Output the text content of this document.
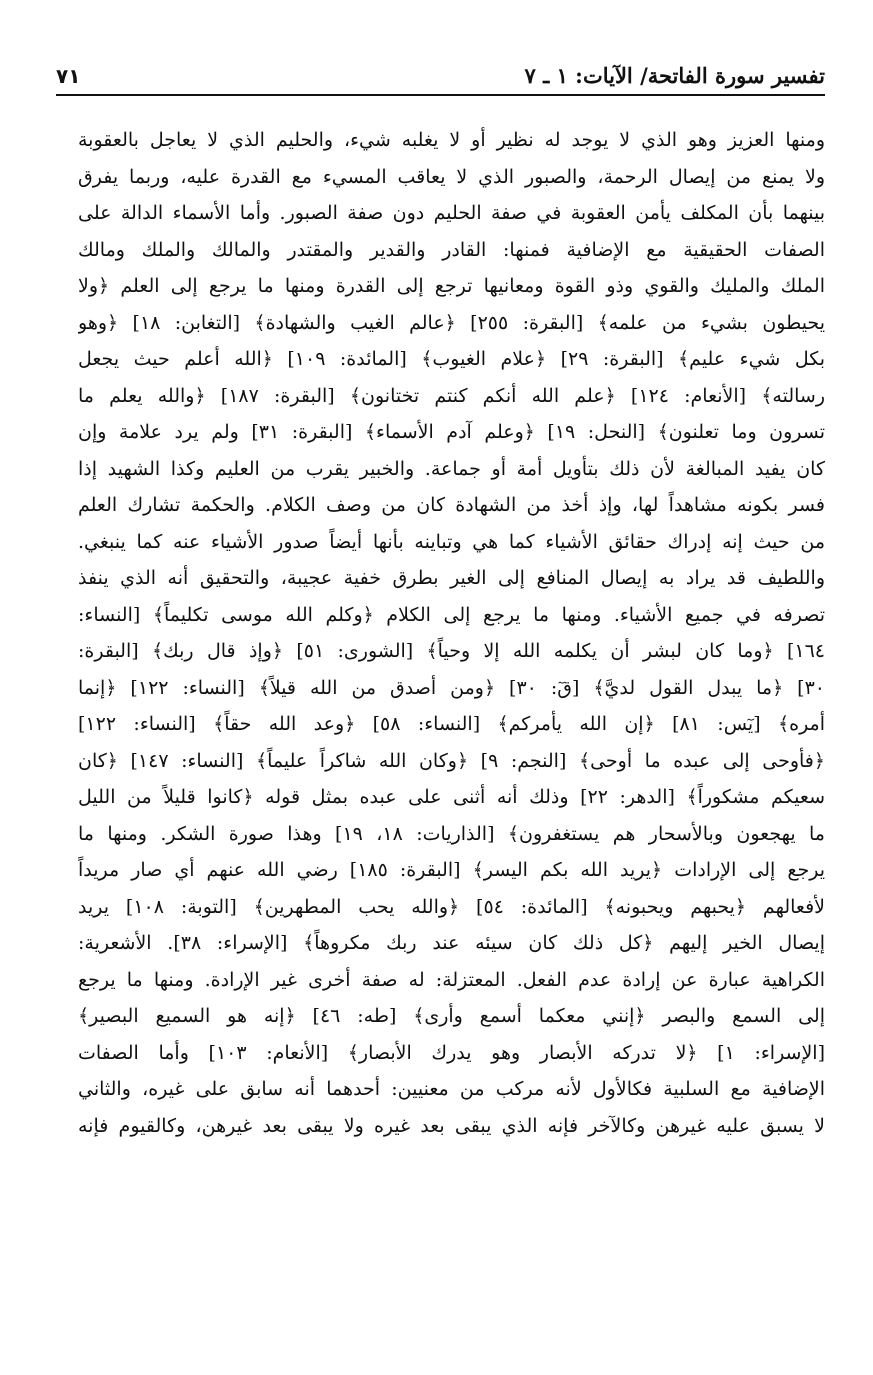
تفسير سورة الفاتحة/ الآيات: ١ ـ ٧
٧١
ومنها العزيز وهو الذي لا يوجد له نظير أو لا يغلبه شيء، والحليم الذي لا يعاجل بالعقوبة
ولا يمنع من إيصال الرحمة، والصبور الذي لا يعاقب المسيء مع القدرة عليه، وربما يفرق
بينهما بأن المكلف يأمن العقوبة في صفة الحليم دون صفة الصبور. وأما الأسماء الدالة على
الصفات الحقيقية مع الإضافية فمنها: القادر والقدير والمقتدر والمالك والملك ومالك
الملك والمليك والقوي وذو القوة ومعانيها ترجع إلى القدرة ومنها ما يرجع إلى العلم ﴿ولا
يحيطون بشيء من علمه﴾ [البقرة: ٢٥٥] ﴿عالم الغيب والشهادة﴾ [التغابن: ١٨] ﴿وهو
بكل شيء عليم﴾ [البقرة: ٢٩] ﴿علام الغيوب﴾ [المائدة: ١٠٩] ﴿الله أعلم حيث يجعل
رسالته﴾ [الأنعام: ١٢٤] ﴿علم الله أنكم كنتم تختانون﴾ [البقرة: ١٨٧] ﴿والله يعلم ما
تسرون وما تعلنون﴾ [النحل: ١٩] ﴿وعلم آدم الأسماء﴾ [البقرة: ٣١] ولم يرد علامة وإن
كان يفيد المبالغة لأن ذلك بتأويل أمة أو جماعة. والخبير يقرب من العليم وكذا الشهيد إذا
فسر بكونه مشاهداً لها، وإذ أخذ من الشهادة كان من وصف الكلام. والحكمة تشارك العلم
من حيث إنه إدراك حقائق الأشياء كما هي وتباينه بأنها أيضاً صدور الأشياء عنه كما ينبغي.
واللطيف قد يراد به إيصال المنافع إلى الغير بطرق خفية عجيبة، والتحقيق أنه الذي ينفذ
تصرفه في جميع الأشياء. ومنها ما يرجع إلى الكلام ﴿وكلم الله موسى تكليماً﴾ [النساء:
١٦٤] ﴿وما كان لبشر أن يكلمه الله إلا وحياً﴾ [الشورى: ٥١] ﴿وإذ قال ربك﴾ [البقرة:
٣٠] ﴿ما يبدل القول لديَّ﴾ [قٓ: ٣٠] ﴿ومن أصدق من الله قيلاً﴾ [النساء: ١٢٢] ﴿إنما
أمره﴾ [يٓس: ٨١] ﴿إن الله يأمركم﴾ [النساء: ٥٨] ﴿وعد الله حقاً﴾ [النساء: ١٢٢]
﴿فأوحى إلى عبده ما أوحى﴾ [النجم: ٩] ﴿وكان الله شاكراً عليماً﴾ [النساء: ١٤٧] ﴿كان
سعيكم مشكوراً﴾ [الدهر: ٢٢] وذلك أنه أثنى على عبده بمثل قوله ﴿كانوا قليلاً من الليل
ما يهجعون وبالأسحار هم يستغفرون﴾ [الذاريات: ١٨، ١٩] وهذا صورة الشكر. ومنها ما
يرجع إلى الإرادات ﴿يريد الله بكم اليسر﴾ [البقرة: ١٨٥] رضي الله عنهم أي صار مريداً
لأفعالهم ﴿يحبهم ويحبونه﴾ [المائدة: ٥٤] ﴿والله يحب المطهرين﴾ [التوبة: ١٠٨] يريد
إيصال الخير إليهم ﴿كل ذلك كان سيئه عند ربك مكروهاً﴾ [الإسراء: ٣٨]. الأشعرية:
الكراهية عبارة عن إرادة عدم الفعل. المعتزلة: له صفة أخرى غير الإرادة. ومنها ما يرجع
إلى السمع والبصر ﴿إنني معكما أسمع وأرى﴾ [طه: ٤٦] ﴿إنه هو السميع البصير﴾
[الإسراء: ١] ﴿لا تدركه الأبصار وهو يدرك الأبصار﴾ [الأنعام: ١٠٣] وأما الصفات
الإضافية مع السلبية فكالأول لأنه مركب من معنيين: أحدهما أنه سابق على غيره، والثاني
لا يسبق عليه غيرهن وكالآخر فإنه الذي يبقى بعد غيره ولا يبقى بعد غيرهن، وكالقيوم فإنه
